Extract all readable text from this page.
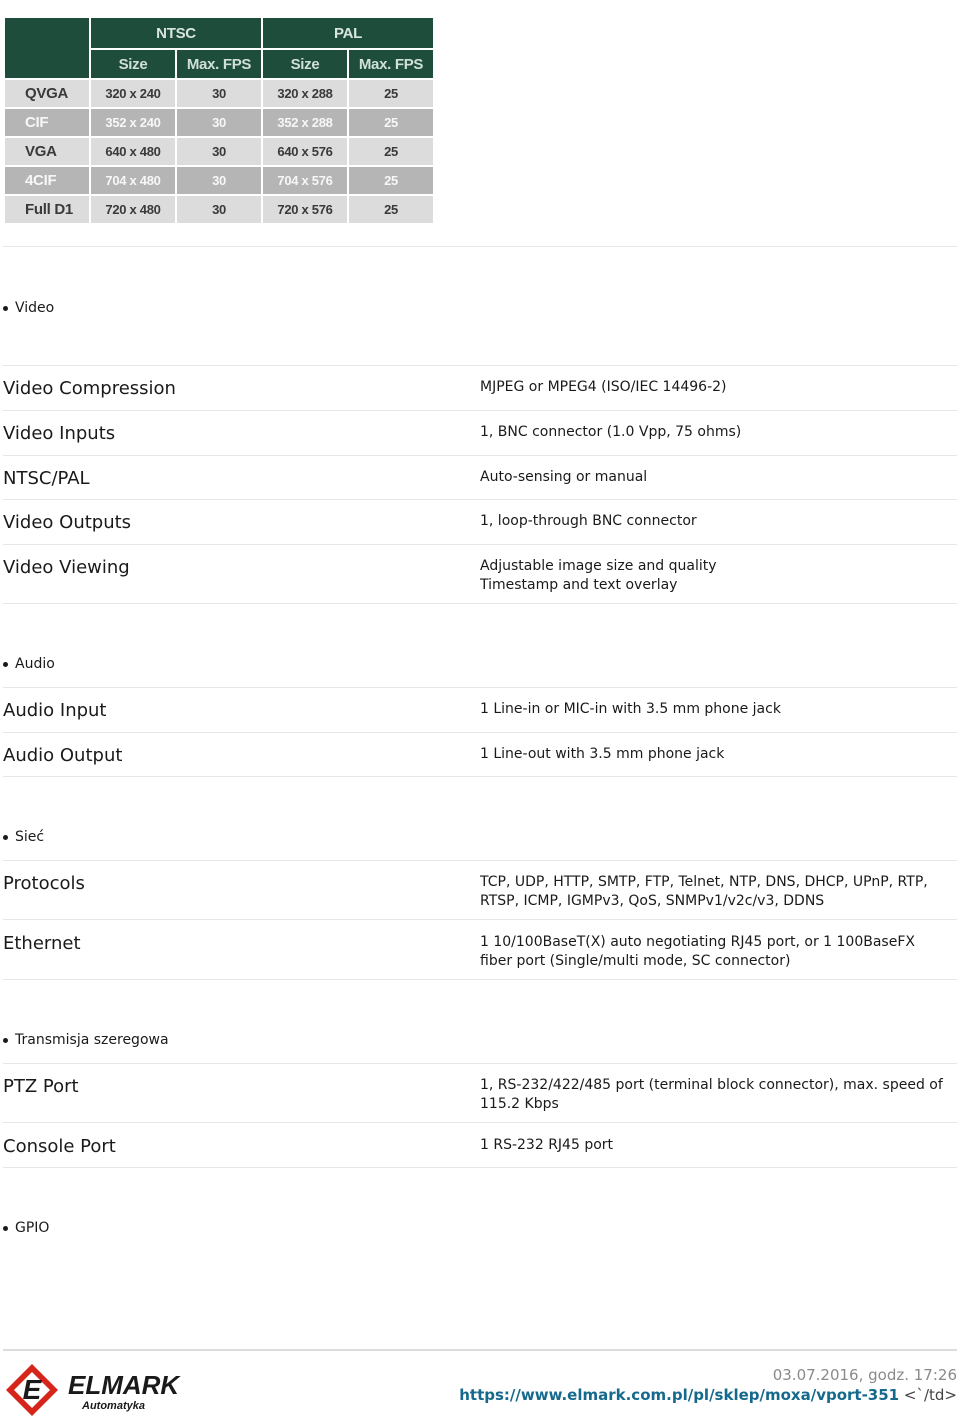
	NTSC		PAL	
	Size	Max. FPS	Size	Max. FPS
QVGA	320 x 240	30	320 x 288	25
CIF	352 x 240	30	352 x 288	25
VGA	640 x 480	30	640 x 576	25
4CIF	704 x 480	30	704 x 576	25
Full D1	720 x 480	30	720 x 576	25
Video
Video Compression	MJPEG or MPEG4 (ISO/IEC 14496-2)
Video Inputs	1, BNC connector (1.0 Vpp, 75 ohms)
NTSC/PAL	Auto-sensing or manual
Video Outputs	1, loop-through BNC connector
Video Viewing	Adjustable image size and quality
Timestamp and text overlay
Audio
Audio Input	1 Line-in or MIC-in with 3.5 mm phone jack
Audio Output	1 Line-out with 3.5 mm phone jack
Sieć
Protocols	TCP, UDP, HTTP, SMTP, FTP, Telnet, NTP, DNS, DHCP, UPnP, RTP,
RTSP, ICMP, IGMPv3, QoS, SNMPv1/v2c/v3, DDNS
Ethernet	1 10/100BaseT(X) auto negotiating RJ45 port, or 1 100BaseFX
fiber port (Single/multi mode, SC connector)
Transmisja szeregowa
PTZ Port	1, RS-232/422/485 port (terminal block connector), max. speed of
115.2 Kbps
Console Port	1 RS-232 RJ45 port
GPIO
E ELMARK
Automatyka
03.07.2016, godz. 17:26
https://www.elmark.com.pl/pl/sklep/moxa/vport-351 <`/td>
